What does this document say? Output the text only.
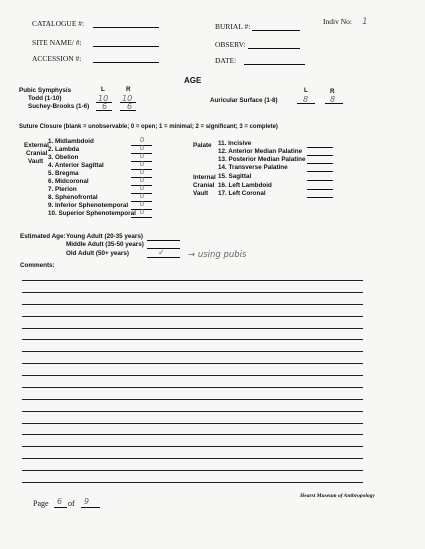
CATALOGUE #:
SITE NAME/ #:
ACCESSION #:
BURIAL #:
OBSERV:
DATE:
Indiv No: 1
AGE
Pubic Symphysis	L	R
Todd (1-10)	10 10
Suchey-Brooks (1-6) 6 6
L	R
Auricular Surface (1-8)	8	8
Suture Closure (blank = unobservable; 0 = open; 1 = minimal; 2 = significant; 3 = complete)
External
Cranial
Vault
1. Midlambdoid	0
2. Lambda	0
3. Obelion	0
4. Anterior Sagittal	0
5. Bregma	0
6. Midcoronal	0
7. Pterion	0
8. Sphenofrontal	0
9. Inferior Sphenotemporal	0
10. Superior Sphenotemporal 0
Palate 11. Incisive
12. Anterior Median Palatine
13. Posterior Median Palatine
14. Transverse Palatine
Internal
Cranial
Vault
15. Sagittal
16. Left Lambdoid
17. Left Coronal
Estimated Age: Young Adult (20-35 years)
Middle Adult (35-50 years)
Old Adult (50+ years)	✓	→ using pubis
Comments:
Page 6 of 9
Hearst Museum of Anthropology
